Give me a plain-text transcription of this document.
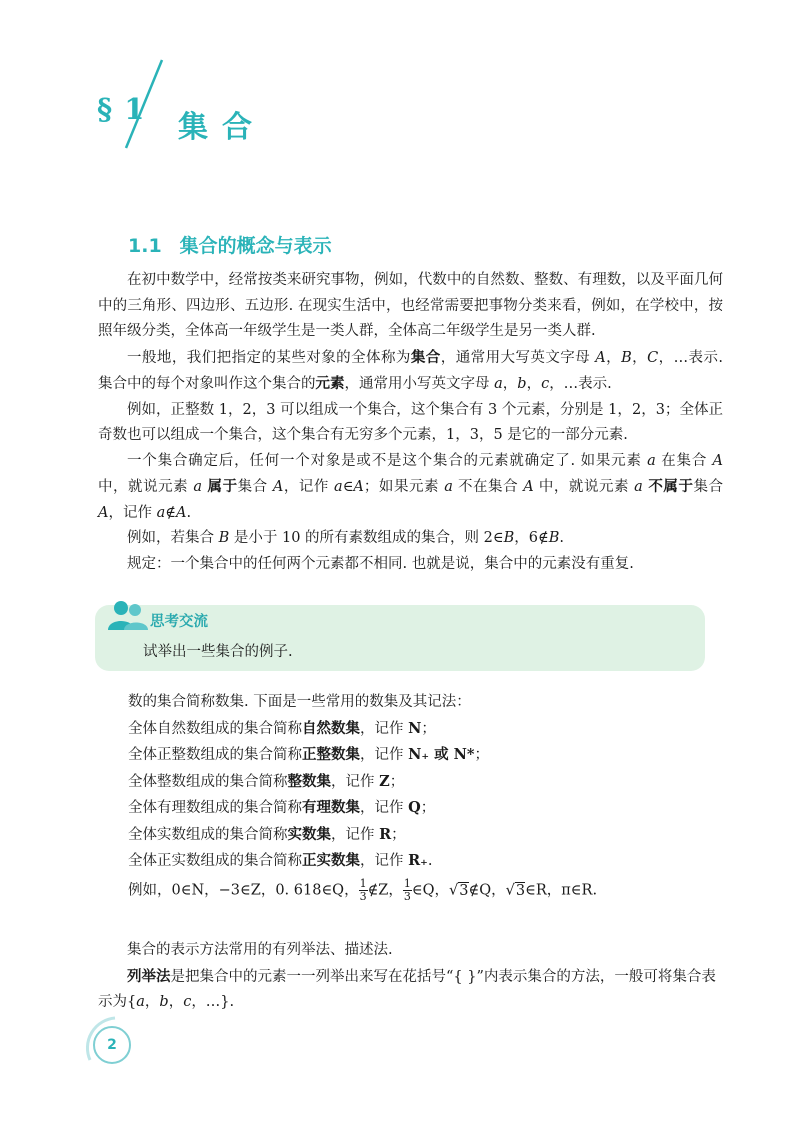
§ 1
集合
1.1 集合的概念与表示

在初中数学中，经常按类来研究事物，例如，代数中的自然数、整数、有理数，以及平面几何中的三角形、四边形、五边形. 在现实生活中，也经常需要把事物分类来看，例如，在学校中，按照年级分类，全体高一年级学生是一类人群，全体高二年级学生是另一类人群.

一般地，我们把指定的某些对象的全体称为集合，通常用大写英文字母 A，B，C，…表示. 集合中的每个对象叫作这个集合的元素，通常用小写英文字母 a，b，c，…表示.

例如，正整数 1，2，3 可以组成一个集合，这个集合有 3 个元素，分别是 1，2，3；全体正奇数也可以组成一个集合，这个集合有无穷多个元素，1，3，5 是它的一部分元素.

一个集合确定后，任何一个对象是或不是这个集合的元素就确定了. 如果元素 a 在集合 A 中，就说元素 a 属于集合 A，记作 a∈A；如果元素 a 不在集合 A 中，就说元素 a 不属于集合 A，记作 a∉A.

例如，若集合 B 是小于 10 的所有素数组成的集合，则 2∈B，6∉B.

规定：一个集合中的任何两个元素都不相同. 也就是说，集合中的元素没有重复.

思考交流
试举出一些集合的例子.
数的集合简称数集. 下面是一些常用的数集及其记法：
全体自然数组成的集合简称自然数集，记作 N；
全体正整数组成的集合简称正整数集，记作 N₊ 或 N*；
全体整数组成的集合简称整数集，记作 Z；
全体有理数组成的集合简称有理数集，记作 Q；
全体实数组成的集合简称实数集，记作 R；
全体正实数组成的集合简称正实数集，记作 R₊.
例如，0∈N，−3∈Z，0. 618∈Q， $\frac{1}{3}$ ∉Z， $\frac{1}{3}$ ∈Q，√3∉Q，√3∈R，π∈R.

集合的表示方法常用的有列举法、描述法.

列举法是把集合中的元素一一列举出来写在花括号“{ }”内表示集合的方法，一般可将集合表示为{a，b，c，…}.

2
